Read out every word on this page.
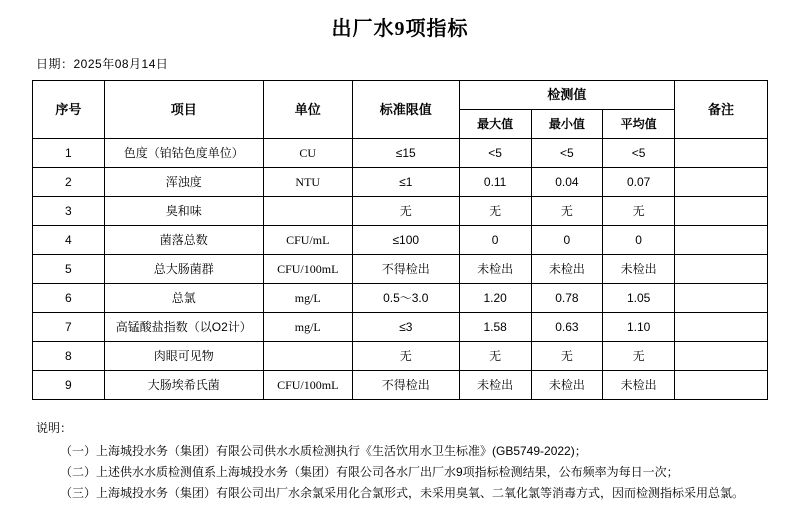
出厂水9项指标
日期：2025年08月14日
序号	项目	单位	标准限值	检测值			备注
				最大值	最小值	平均值	
1	色度（铂钴色度单位）	CU	≤15	<5	<5	<5	
2	浑浊度	NTU	≤1	0.11	0.04	0.07	
3	臭和味		无	无	无	无	
4	菌落总数	CFU/mL	≤100	0	0	0	
5	总大肠菌群	CFU/100mL	不得检出	未检出	未检出	未检出	
6	总氯	mg/L	0.5～3.0	1.20	0.78	1.05	
7	高锰酸盐指数（以O2计）	mg/L	≤3	1.58	0.63	1.10	
8	肉眼可见物		无	无	无	无	
9	大肠埃希氏菌	CFU/100mL	不得检出	未检出	未检出	未检出	
说明：
（一）上海城投水务（集团）有限公司供水水质检测执行《生活饮用水卫生标准》(GB5749-2022)；
（二）上述供水水质检测值系上海城投水务（集团）有限公司各水厂出厂水9项指标检测结果，公布频率为每日一次；
（三）上海城投水务（集团）有限公司出厂水余氯采用化合氯形式，未采用臭氧、二氧化氯等消毒方式，因而检测指标采用总氯。
